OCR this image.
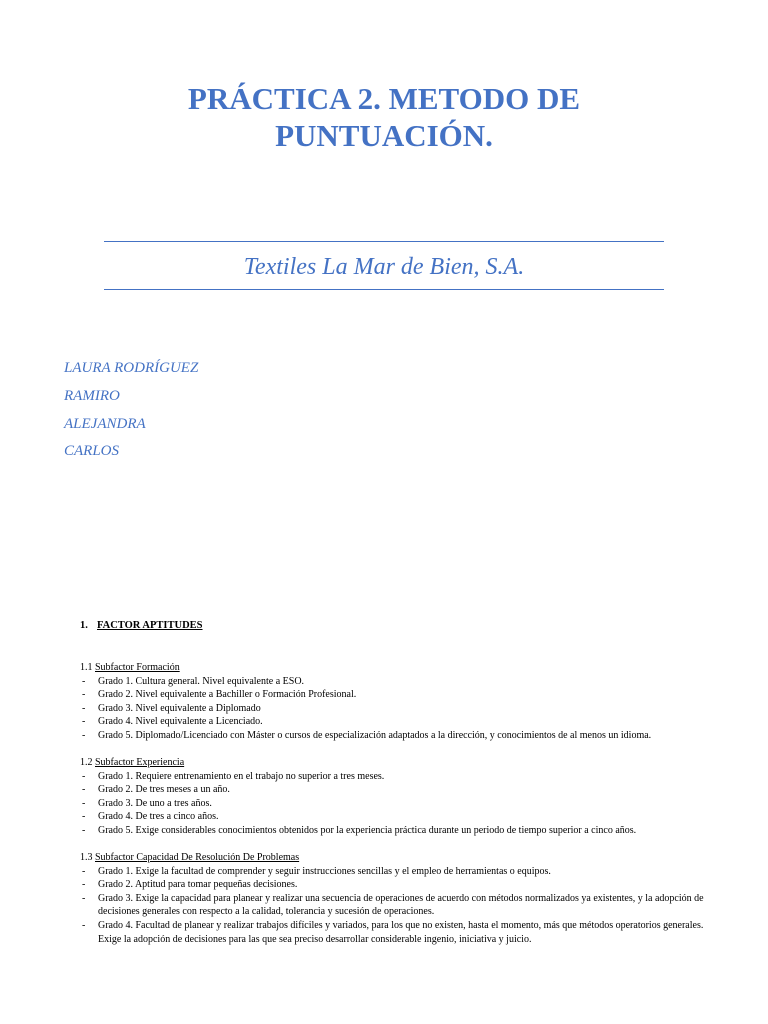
PRÁCTICA 2. METODO DE
PUNTUACIÓN.
Textiles La Mar de Bien, S.A.
LAURA RODRÍGUEZ
RAMIRO
ALEJANDRA
CARLOS
1. FACTOR APTITUDES
1.1 Subfactor Formación
- Grado 1. Cultura general. Nivel equivalente a ESO.
- Grado 2. Nivel equivalente a Bachiller o Formación Profesional.
- Grado 3. Nivel equivalente a Diplomado
- Grado 4. Nivel equivalente a Licenciado.
- Grado 5. Diplomado/Licenciado con Máster o cursos de especialización adaptados a la dirección, y conocimientos de al menos un idioma.
1.2 Subfactor Experiencia
- Grado 1. Requiere entrenamiento en el trabajo no superior a tres meses.
- Grado 2. De tres meses a un año.
- Grado 3. De uno a tres años.
- Grado 4. De tres a cinco años.
- Grado 5. Exige considerables conocimientos obtenidos por la experiencia práctica durante un periodo de tiempo superior a cinco años.
1.3 Subfactor Capacidad De Resolución De Problemas
- Grado 1. Exige la facultad de comprender y seguir instrucciones sencillas y el empleo de herramientas o equipos.
- Grado 2. Aptitud para tomar pequeñas decisiones.
- Grado 3. Exige la capacidad para planear y realizar una secuencia de operaciones de acuerdo con métodos normalizados ya existentes, y la adopción de decisiones generales con respecto a la calidad, tolerancia y sucesión de operaciones.
- Grado 4. Facultad de planear y realizar trabajos difíciles y variados, para los que no existen, hasta el momento, más que métodos operatorios generales. Exige la adopción de decisiones para las que sea preciso desarrollar considerable ingenio, iniciativa y juicio.
